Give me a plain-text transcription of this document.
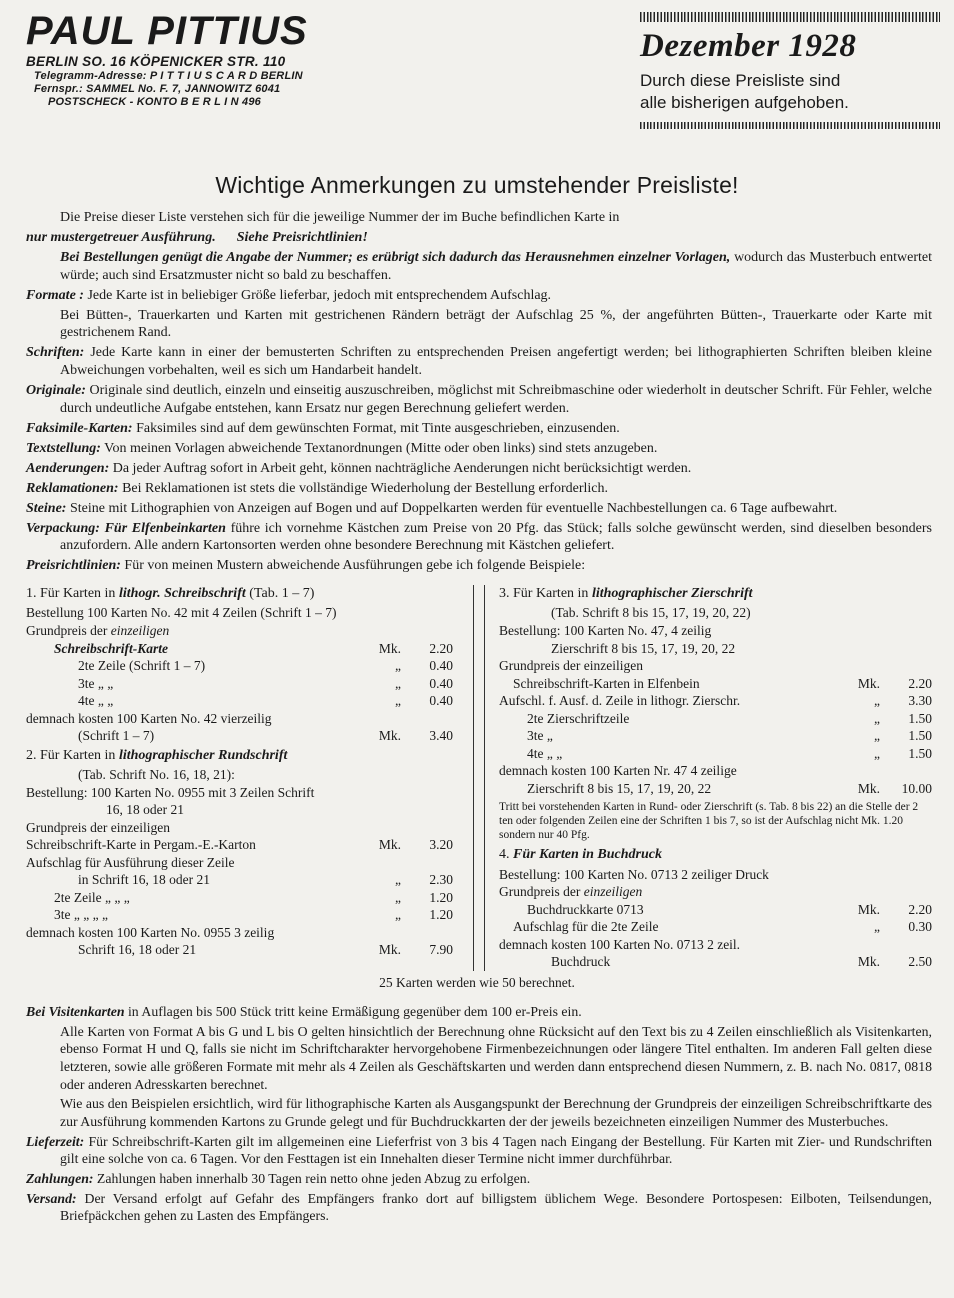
PAUL PITTIUS
BERLIN SO. 16 KÖPENICKER STR. 110
Telegramm-Adresse: P I T T I U S C A R D BERLIN
Fernspr.: SAMMEL No. F. 7, JANNOWITZ 6041
POSTSCHECK - KONTO B E R L I N 496
Dezember 1928
Durch diese Preisliste sind
alle bisherigen aufgehoben.
Wichtige Anmerkungen zu umstehender Preisliste!
Die Preise dieser Liste verstehen sich für die jeweilige Nummer der im Buche befindlichen Karte in
nur mustergetreuer Ausführung. Siehe Preisrichtlinien!
Bei Bestellungen genügt die Angabe der Nummer; es erübrigt sich dadurch das Herausnehmen einzelner Vorlagen, wodurch das Musterbuch entwertet würde; auch sind Ersatzmuster nicht so bald zu beschaffen.
Formate : Jede Karte ist in beliebiger Größe lieferbar, jedoch mit entsprechendem Aufschlag.
Bei Bütten-, Trauerkarten und Karten mit gestrichenen Rändern beträgt der Aufschlag 25 %, der angeführten Bütten-, Trauerkarte oder Karte mit gestrichenem Rand.
Schriften: Jede Karte kann in einer der bemusterten Schriften zu entsprechenden Preisen angefertigt werden; bei lithographierten Schriften bleiben kleine Abweichungen vorbehalten, weil es sich um Handarbeit handelt.
Originale: Originale sind deutlich, einzeln und einseitig auszuschreiben, möglichst mit Schreibmaschine oder wiederholt in deutscher Schrift. Für Fehler, welche durch undeutliche Aufgabe entstehen, kann Ersatz nur gegen Berechnung geliefert werden.
Faksimile-Karten: Faksimiles sind auf dem gewünschten Format, mit Tinte ausgeschrieben, einzusenden.
Textstellung: Von meinen Vorlagen abweichende Textanordnungen (Mitte oder oben links) sind stets anzugeben.
Aenderungen: Da jeder Auftrag sofort in Arbeit geht, können nachträgliche Aenderungen nicht berücksichtigt werden.
Reklamationen: Bei Reklamationen ist stets die vollständige Wiederholung der Bestellung erforderlich.
Steine: Steine mit Lithographien von Anzeigen auf Bogen und auf Doppelkarten werden für eventuelle Nachbestellungen ca. 6 Tage aufbewahrt.
Verpackung: Für Elfenbeinkarten führe ich vornehme Kästchen zum Preise von 20 Pfg. das Stück; falls solche gewünscht werden, sind dieselben besonders anzufordern. Alle andern Kartonsorten werden ohne besondere Berechnung mit Kästchen geliefert.
Preisrichtlinien: Für von meinen Mustern abweichende Ausführungen gebe ich folgende Beispiele:
1. Für Karten in lithogr. Schreibschrift (Tab. 1 – 7)
Bestellung 100 Karten No. 42 mit 4 Zeilen (Schrift 1 – 7)
Grundpreis der einzeiligen
Schreibschrift-Karte	Mk.	2.20
2te Zeile (Schrift 1 – 7)	„	0.40
3te „ „	„	0.40
4te „ „	„	0.40
demnach kosten 100 Karten No. 42 vierzeilig
(Schrift 1 – 7)	Mk.	3.40
2. Für Karten in lithographischer Rundschrift
(Tab. Schrift No. 16, 18, 21):
Bestellung: 100 Karten No. 0955 mit 3 Zeilen Schrift
16, 18 oder 21
Grundpreis der einzeiligen
Schreibschrift-Karte in Pergam.-E.-Karton	Mk.	3.20
Aufschlag für Ausführung dieser Zeile
in Schrift 16, 18 oder 21	„	2.30
2te Zeile „ „ „	„	1.20
3te „ „ „ „	„	1.20
demnach kosten 100 Karten No. 0955 3 zeilig
Schrift 16, 18 oder 21	Mk.	7.90
3. Für Karten in lithographischer Zierschrift
(Tab. Schrift 8 bis 15, 17, 19, 20, 22)
Bestellung: 100 Karten No. 47, 4 zeilig
Zierschrift 8 bis 15, 17, 19, 20, 22
Grundpreis der einzeiligen
Schreibschrift-Karten in Elfenbein	Mk.	2.20
Aufschl. f. Ausf. d. Zeile in lithogr. Zierschr.	„	3.30
2te Zierschriftzeile	„	1.50
3te „	„	1.50
4te „ „	„	1.50
demnach kosten 100 Karten Nr. 47 4 zeilige
Zierschrift 8 bis 15, 17, 19, 20, 22	Mk.	10.00
Tritt bei vorstehenden Karten in Rund- oder Zierschrift (s. Tab. 8 bis 22) an die Stelle der 2 ten oder folgenden Zeilen eine der Schriften 1 bis 7, so ist der Aufschlag nicht Mk. 1.20 sondern nur 40 Pfg.
4. Für Karten in Buchdruck
Bestellung: 100 Karten No. 0713 2 zeiliger Druck
Grundpreis der einzeiligen
Buchdruckkarte 0713	Mk.	2.20
Aufschlag für die 2te Zeile	„	0.30
demnach kosten 100 Karten No. 0713 2 zeil.
Buchdruck	Mk.	2.50
25 Karten werden wie 50 berechnet.
Bei Visitenkarten in Auflagen bis 500 Stück tritt keine Ermäßigung gegenüber dem 100 er-Preis ein.
Alle Karten von Format A bis G und L bis O gelten hinsichtlich der Berechnung ohne Rücksicht auf den Text bis zu 4 Zeilen einschließlich als Visitenkarten, ebenso Format H und Q, falls sie nicht im Schriftcharakter hervorgehobene Firmenbezeichnungen oder längere Titel enthalten. Im anderen Fall gelten diese letzteren, sowie alle größeren Formate mit mehr als 4 Zeilen als Geschäftskarten und werden dann entsprechend diesen Nummern, z. B. nach No. 0817, 0818 oder anderen Adresskarten berechnet.
Wie aus den Beispielen ersichtlich, wird für lithographische Karten als Ausgangspunkt der Berechnung der Grundpreis der einzeiligen Schreibschriftkarte des zur Ausführung kommenden Kartons zu Grunde gelegt und für Buchdruckkarten der der jeweils bezeichneten einzeiligen Nummer des Musterbuches.
Lieferzeit: Für Schreibschrift-Karten gilt im allgemeinen eine Lieferfrist von 3 bis 4 Tagen nach Eingang der Bestellung. Für Karten mit Zier- und Rundschriften gilt eine solche von ca. 6 Tagen. Vor den Festtagen ist ein Innehalten dieser Termine nicht immer durchführbar.
Zahlungen: Zahlungen haben innerhalb 30 Tagen rein netto ohne jeden Abzug zu erfolgen.
Versand: Der Versand erfolgt auf Gefahr des Empfängers franko dort auf billigstem üblichem Wege. Besondere Portospesen: Eilboten, Teilsendungen, Briefpäckchen gehen zu Lasten des Empfängers.
